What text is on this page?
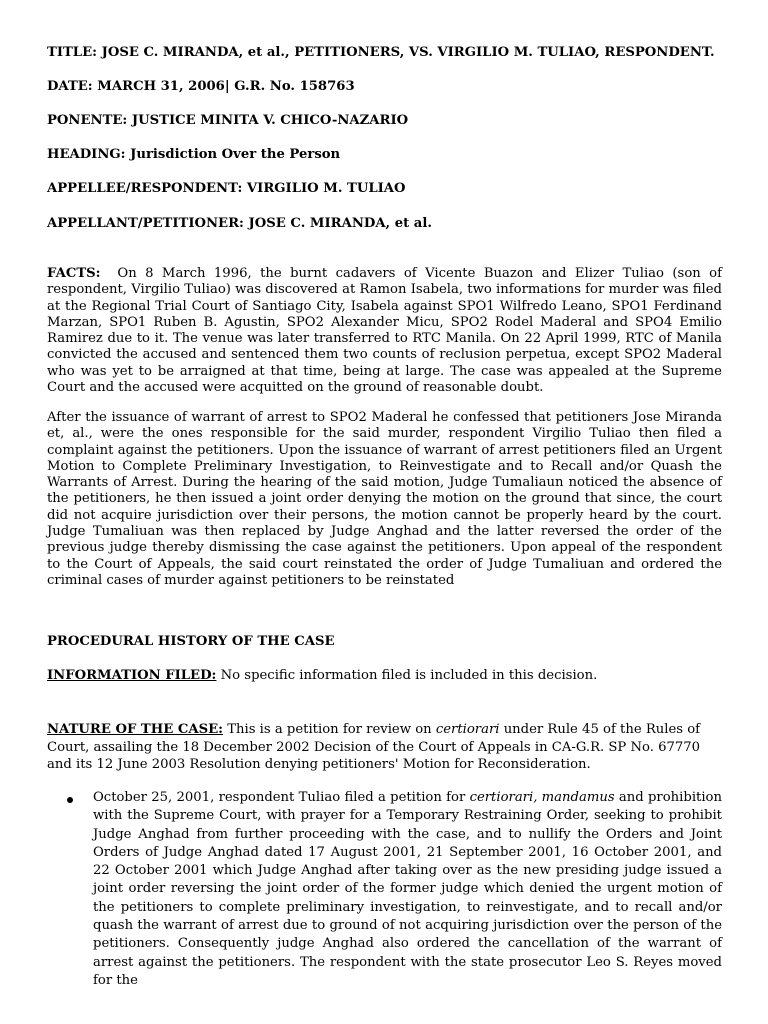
TITLE: JOSE C. MIRANDA, et al., PETITIONERS, VS. VIRGILIO M. TULIAO, RESPONDENT.
DATE: MARCH 31, 2006| G.R. No. 158763
PONENTE: JUSTICE MINITA V. CHICO-NAZARIO
HEADING: Jurisdiction Over the Person
APPELLEE/RESPONDENT: VIRGILIO M. TULIAO
APPELLANT/PETITIONER: JOSE C. MIRANDA, et al.
FACTS: On 8 March 1996, the burnt cadavers of Vicente Buazon and Elizer Tuliao (son of respondent, Virgilio Tuliao) was discovered at Ramon Isabela, two informations for murder was filed at the Regional Trial Court of Santiago City, Isabela against SPO1 Wilfredo Leano, SPO1 Ferdinand Marzan, SPO1 Ruben B. Agustin, SPO2 Alexander Micu, SPO2 Rodel Maderal and SPO4 Emilio Ramirez due to it. The venue was later transferred to RTC Manila. On 22 April 1999, RTC of Manila convicted the accused and sentenced them two counts of reclusion perpetua, except SPO2 Maderal who was yet to be arraigned at that time, being at large. The case was appealed at the Supreme Court and the accused were acquitted on the ground of reasonable doubt.
After the issuance of warrant of arrest to SPO2 Maderal he confessed that petitioners Jose Miranda et, al., were the ones responsible for the said murder, respondent Virgilio Tuliao then filed a complaint against the petitioners. Upon the issuance of warrant of arrest petitioners filed an Urgent Motion to Complete Preliminary Investigation, to Reinvestigate and to Recall and/or Quash the Warrants of Arrest. During the hearing of the said motion, Judge Tumaliaun noticed the absence of the petitioners, he then issued a joint order denying the motion on the ground that since, the court did not acquire jurisdiction over their persons, the motion cannot be properly heard by the court. Judge Tumaliuan was then replaced by Judge Anghad and the latter reversed the order of the previous judge thereby dismissing the case against the petitioners. Upon appeal of the respondent to the Court of Appeals, the said court reinstated the order of Judge Tumaliuan and ordered the criminal cases of murder against petitioners to be reinstated
PROCEDURAL HISTORY OF THE CASE
INFORMATION FILED: No specific information filed is included in this decision.
NATURE OF THE CASE: This is a petition for review on certiorari under Rule 45 of the Rules of Court, assailing the 18 December 2002 Decision of the Court of Appeals in CA-G.R. SP No. 67770 and its 12 June 2003 Resolution denying petitioners' Motion for Reconsideration.
October 25, 2001, respondent Tuliao filed a petition for certiorari, mandamus and prohibition with the Supreme Court, with prayer for a Temporary Restraining Order, seeking to prohibit Judge Anghad from further proceeding with the case, and to nullify the Orders and Joint Orders of Judge Anghad dated 17 August 2001, 21 September 2001, 16 October 2001, and 22 October 2001 which Judge Anghad after taking over as the new presiding judge issued a joint order reversing the joint order of the former judge which denied the urgent motion of the petitioners to complete preliminary investigation, to reinvestigate, and to recall and/or quash the warrant of arrest due to ground of not acquiring jurisdiction over the person of the petitioners. Consequently judge Anghad also ordered the cancellation of the warrant of arrest against the petitioners. The respondent with the state prosecutor Leo S. Reyes moved for the
